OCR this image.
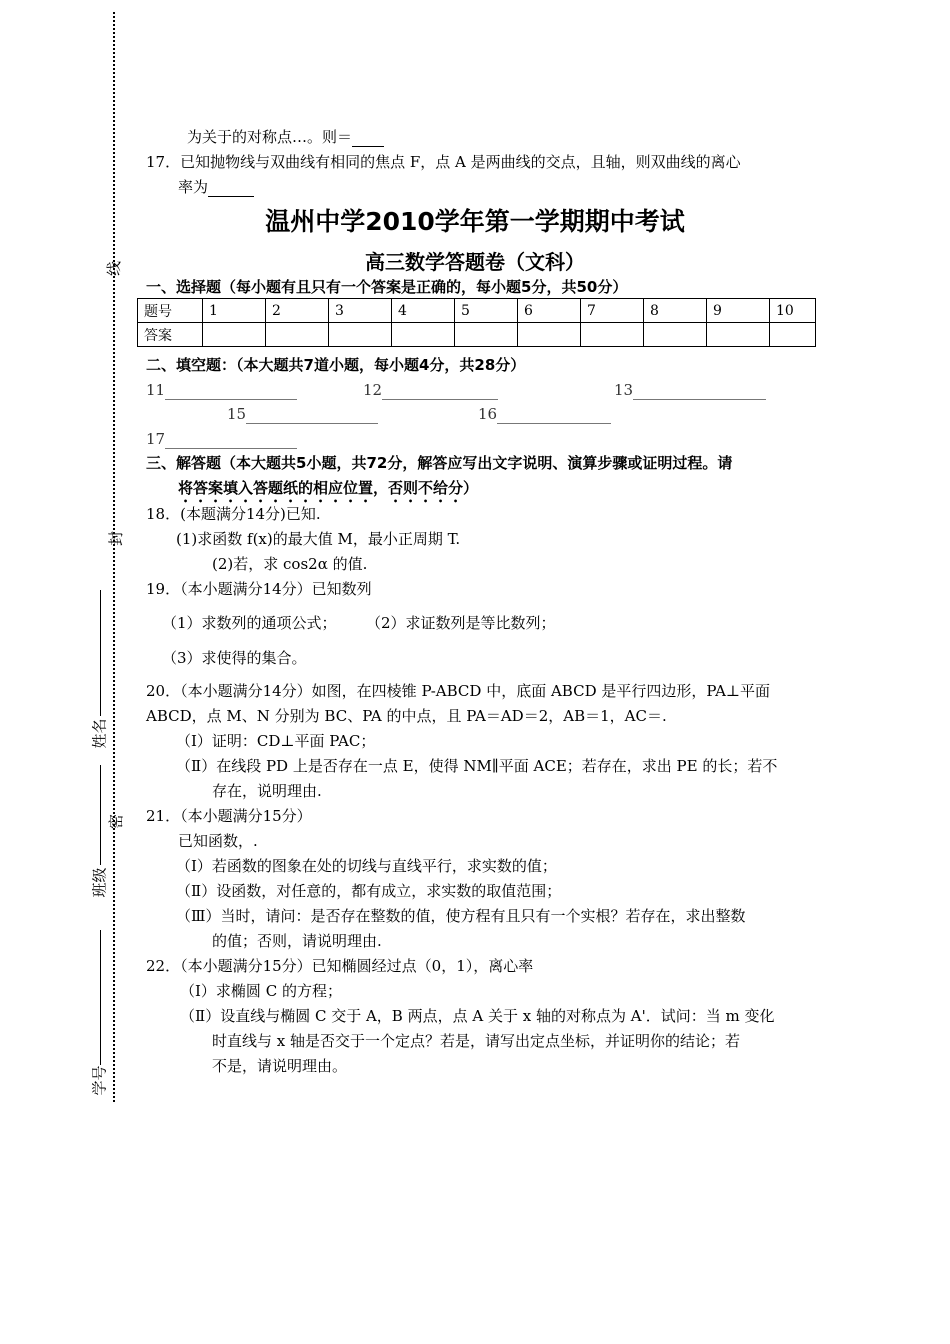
线
封
姓名
密
班级
学号
为关于的对称点…。则＝
17．已知抛物线与双曲线有相同的焦点 F，点 A 是两曲线的交点，且轴，则双曲线的离心
率为
温州中学2010学年第一学期期中考试
高三数学答题卷（文科）
一、选择题（每小题有且只有一个答案是正确的，每小题5分，共50分）
题号	1	2	3	4	5	6	7	8	9	10
答案										
二、填空题：（本大题共7道小题，每小题4分，共28分）
11	12	13
15	16
17
三、解答题（本大题共5小题，共72分，解答应写出文字说明、演算步骤或证明过程。请
将答案填入答题纸的相应位置，否则不给分）
18．(本题满分14分)已知.
(1)求函数 f(x)的最大值 M，最小正周期 T.
(2)若，求 cos2α 的值.
19．（本小题满分14分）已知数列
（1）求数列的通项公式； （2）求证数列是等比数列；
（3）求使得的集合。
20．（本小题满分14分）如图，在四棱锥 P-ABCD 中，底面 ABCD 是平行四边形，PA⊥平面
ABCD，点 M、N 分别为 BC、PA 的中点，且 PA＝AD＝2，AB＝1，AC＝.
（Ⅰ）证明：CD⊥平面 PAC；
（Ⅱ）在线段 PD 上是否存在一点 E，使得 NM∥平面 ACE；若存在，求出 PE 的长；若不
存在，说明理由.
21．（本小题满分15分）
已知函数，.
（Ⅰ）若函数的图象在处的切线与直线平行，求实数的值；
（Ⅱ）设函数，对任意的，都有成立，求实数的取值范围；
（Ⅲ）当时，请问：是否存在整数的值，使方程有且只有一个实根？若存在，求出整数
的值；否则，请说明理由.
22．（本小题满分15分）已知椭圆经过点（0，1），离心率
（Ⅰ）求椭圆 C 的方程；
（Ⅱ）设直线与椭圆 C 交于 A，B 两点，点 A 关于 x 轴的对称点为 A'．试问：当 m 变化
时直线与 x 轴是否交于一个定点？若是，请写出定点坐标，并证明你的结论；若
不是，请说明理由。
